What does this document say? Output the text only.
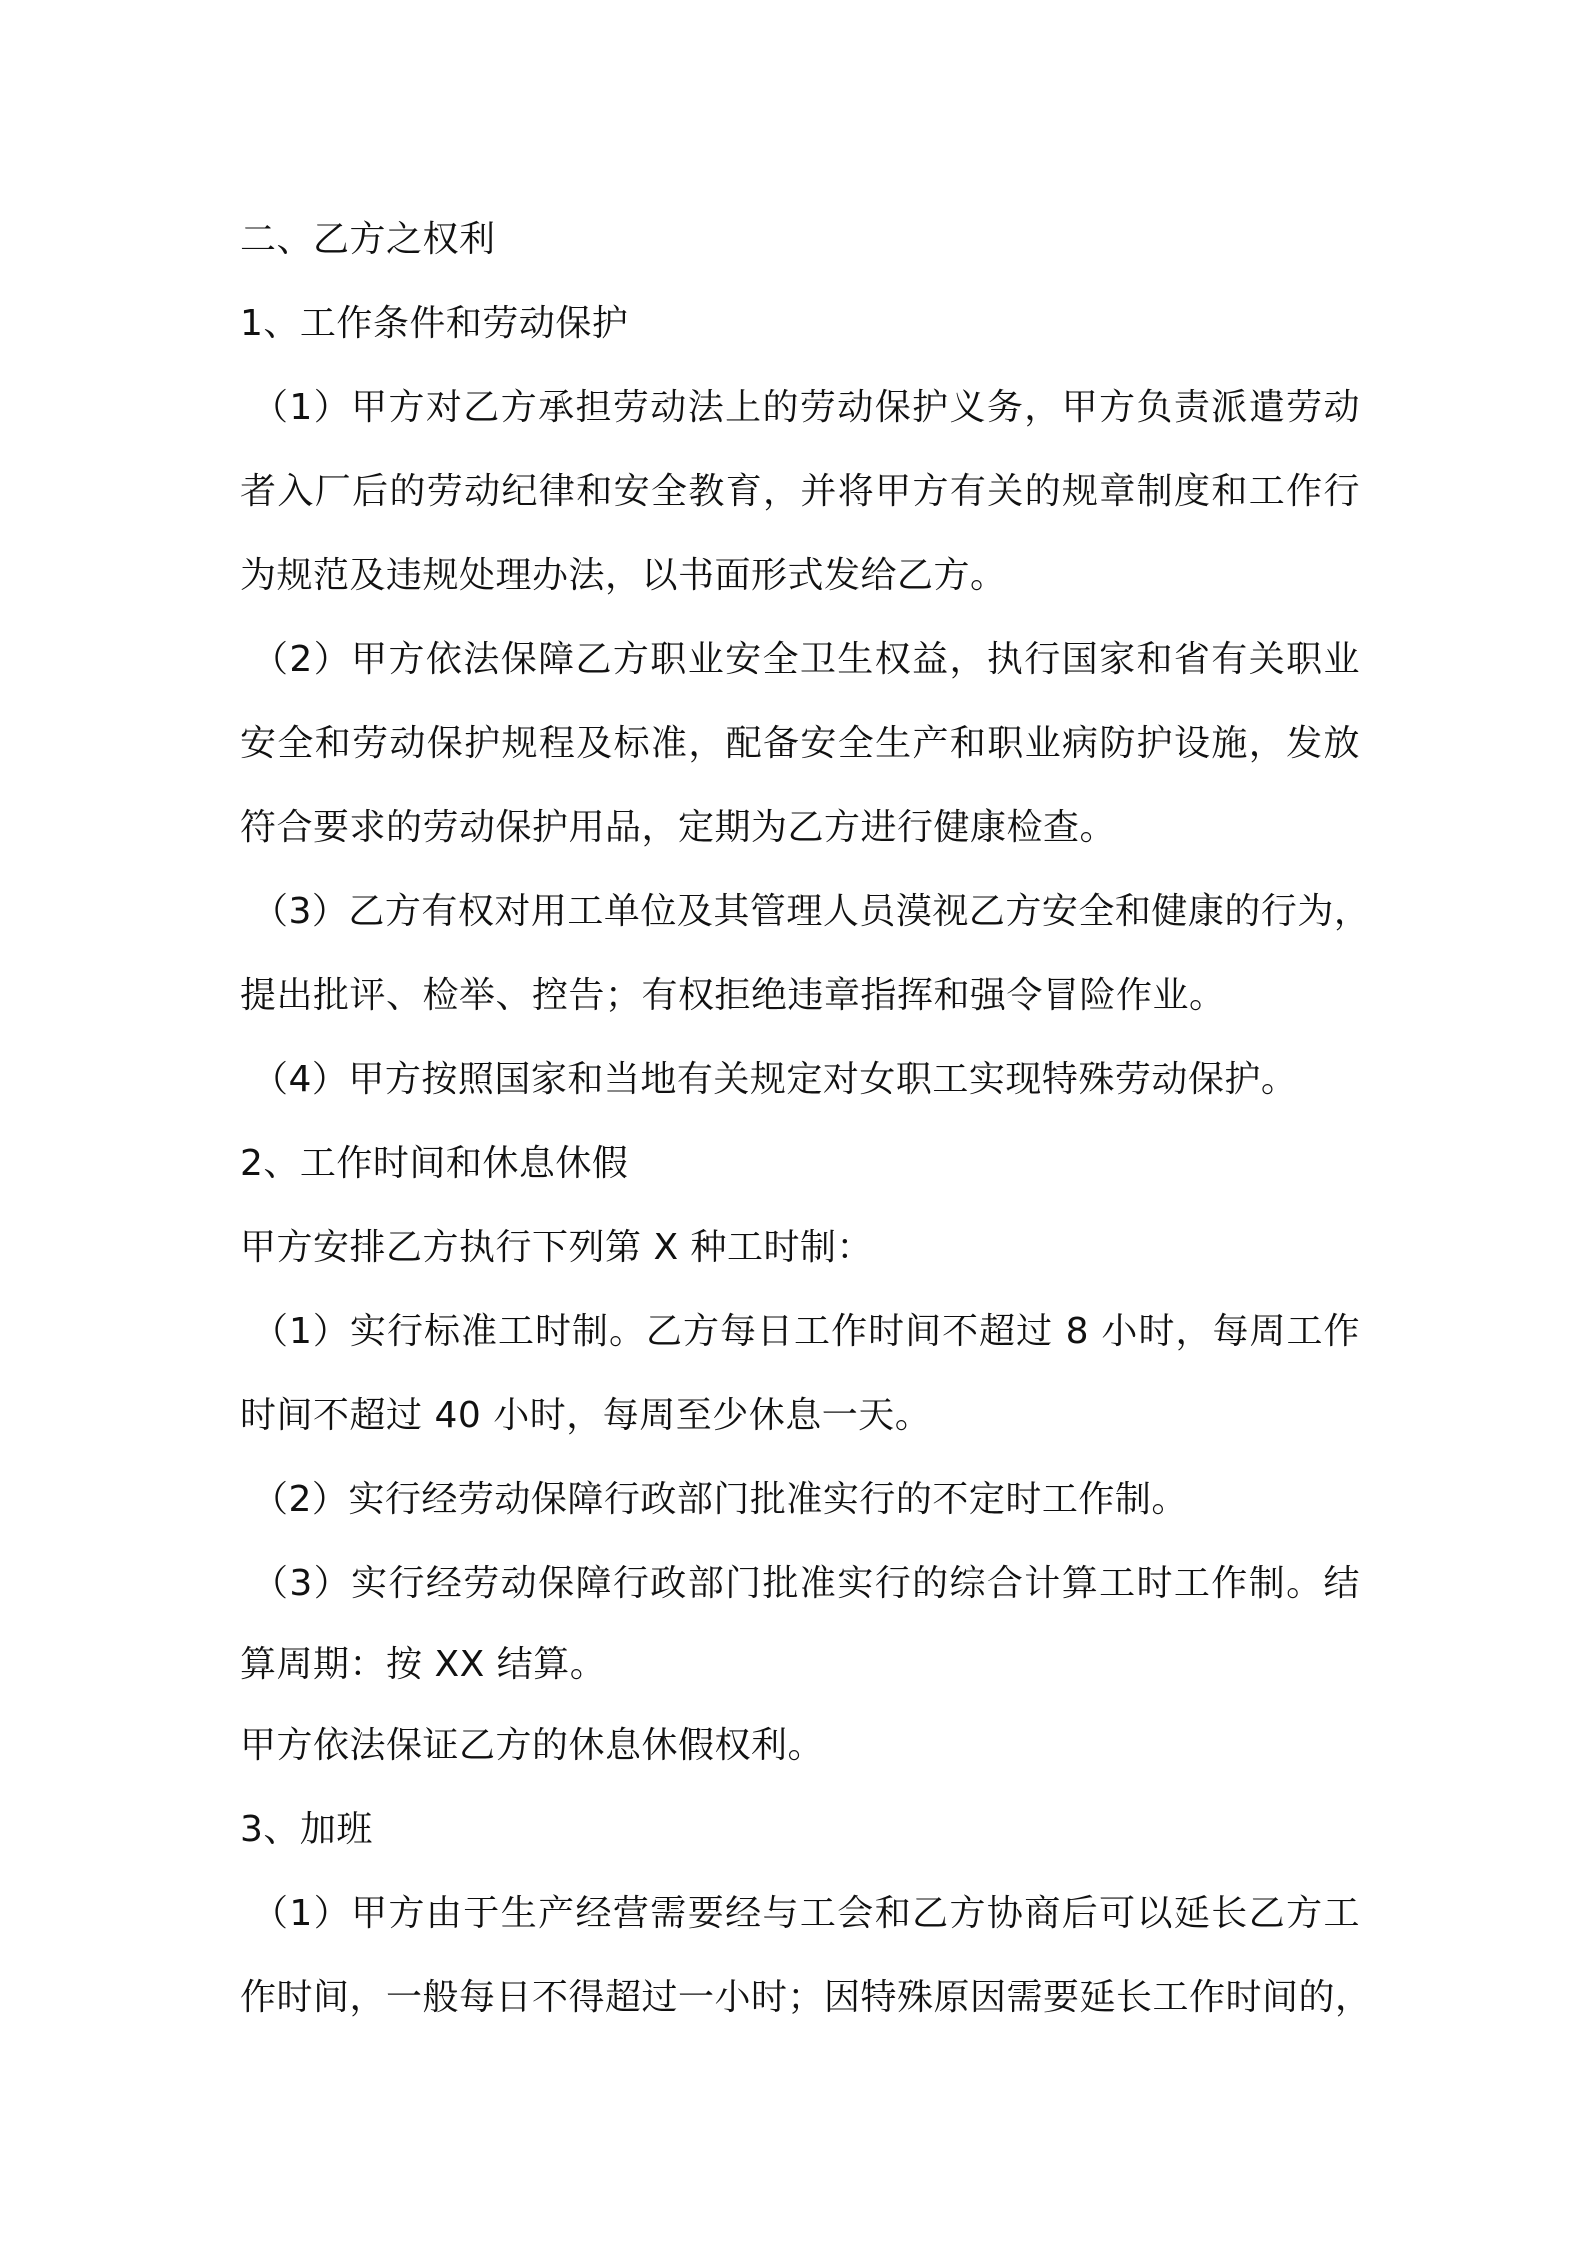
二、乙方之权利
1、工作条件和劳动保护
（1）甲方对乙方承担劳动法上的劳动保护义务，甲方负责派遣劳动
者入厂后的劳动纪律和安全教育，并将甲方有关的规章制度和工作行
为规范及违规处理办法，以书面形式发给乙方。
（2）甲方依法保障乙方职业安全卫生权益，执行国家和省有关职业
安全和劳动保护规程及标准，配备安全生产和职业病防护设施，发放
符合要求的劳动保护用品，定期为乙方进行健康检查。
（3）乙方有权对用工单位及其管理人员漠视乙方安全和健康的行为，
提出批评、检举、控告；有权拒绝违章指挥和强令冒险作业。
（4）甲方按照国家和当地有关规定对女职工实现特殊劳动保护。
2、工作时间和休息休假
甲方安排乙方执行下列第 X 种工时制：
（1）实行标准工时制。乙方每日工作时间不超过 8 小时，每周工作
时间不超过 40 小时，每周至少休息一天。
（2）实行经劳动保障行政部门批准实行的不定时工作制。
（3）实行经劳动保障行政部门批准实行的综合计算工时工作制。结
算周期：按 XX 结算。
甲方依法保证乙方的休息休假权利。
3、加班
（1）甲方由于生产经营需要经与工会和乙方协商后可以延长乙方工
作时间，一般每日不得超过一小时；因特殊原因需要延长工作时间的，
